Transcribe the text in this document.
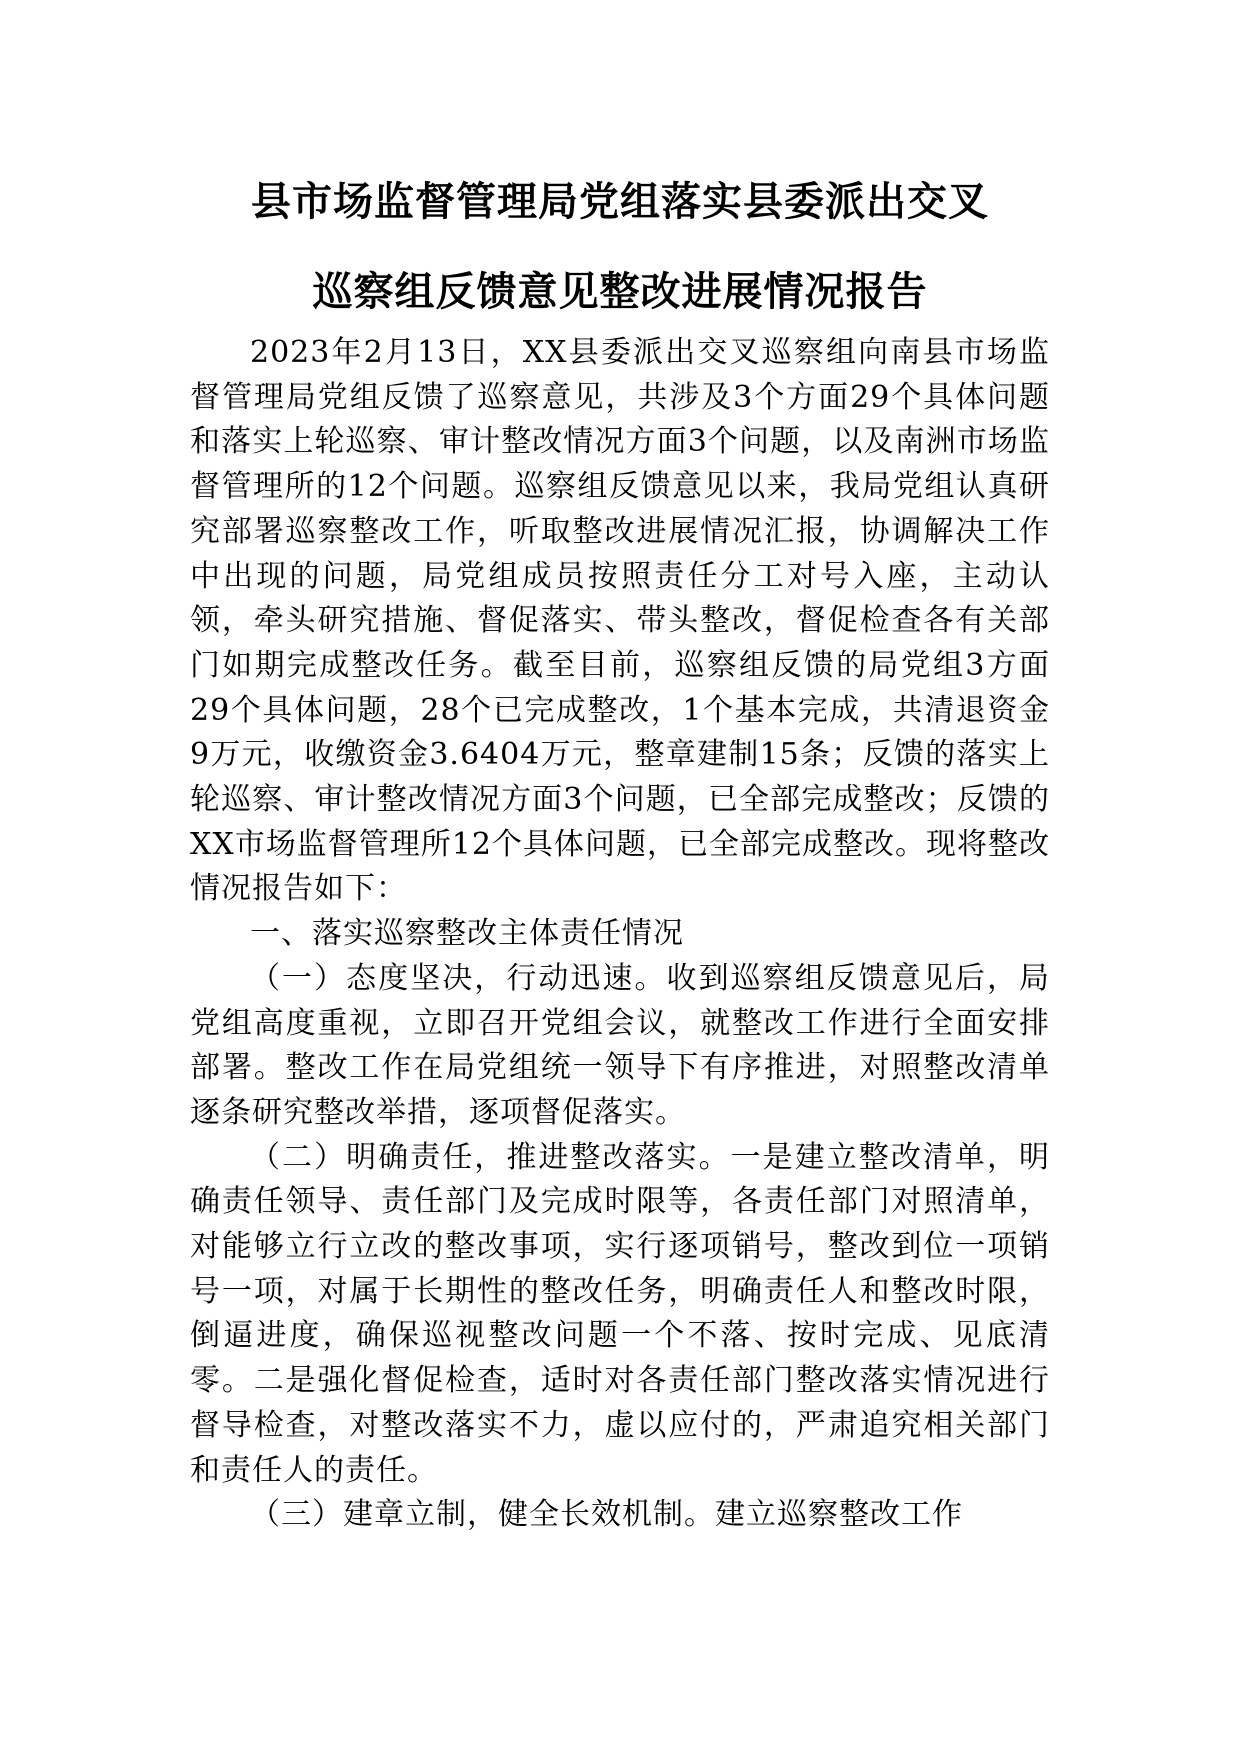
县市场监督管理局党组落实县委派出交叉
巡察组反馈意见整改进展情况报告

2023年2月13日，XX县委派出交叉巡察组向南县市场监督管理局党组反馈了巡察意见，共涉及3个方面29个具体问题和落实上轮巡察、审计整改情况方面3个问题，以及南洲市场监督管理所的12个问题。巡察组反馈意见以来，我局党组认真研究部署巡察整改工作，听取整改进展情况汇报，协调解决工作中出现的问题，局党组成员按照责任分工对号入座，主动认领，牵头研究措施、督促落实、带头整改，督促检查各有关部门如期完成整改任务。截至目前，巡察组反馈的局党组3方面29个具体问题，28个已完成整改，1个基本完成，共清退资金9万元，收缴资金3.6404万元，整章建制15条；反馈的落实上轮巡察、审计整改情况方面3个问题，已全部完成整改；反馈的XX市场监督管理所12个具体问题，已全部完成整改。现将整改情况报告如下：

一、落实巡察整改主体责任情况

（一）态度坚决，行动迅速。收到巡察组反馈意见后，局党组高度重视，立即召开党组会议，就整改工作进行全面安排部署。整改工作在局党组统一领导下有序推进，对照整改清单逐条研究整改举措，逐项督促落实。

（二）明确责任，推进整改落实。一是建立整改清单，明确责任领导、责任部门及完成时限等，各责任部门对照清单，对能够立行立改的整改事项，实行逐项销号，整改到位一项销号一项，对属于长期性的整改任务，明确责任人和整改时限，倒逼进度，确保巡视整改问题一个不落、按时完成、见底清零。二是强化督促检查，适时对各责任部门整改落实情况进行督导检查，对整改落实不力，虚以应付的，严肃追究相关部门和责任人的责任。

（三）建章立制，健全长效机制。建立巡察整改工作
